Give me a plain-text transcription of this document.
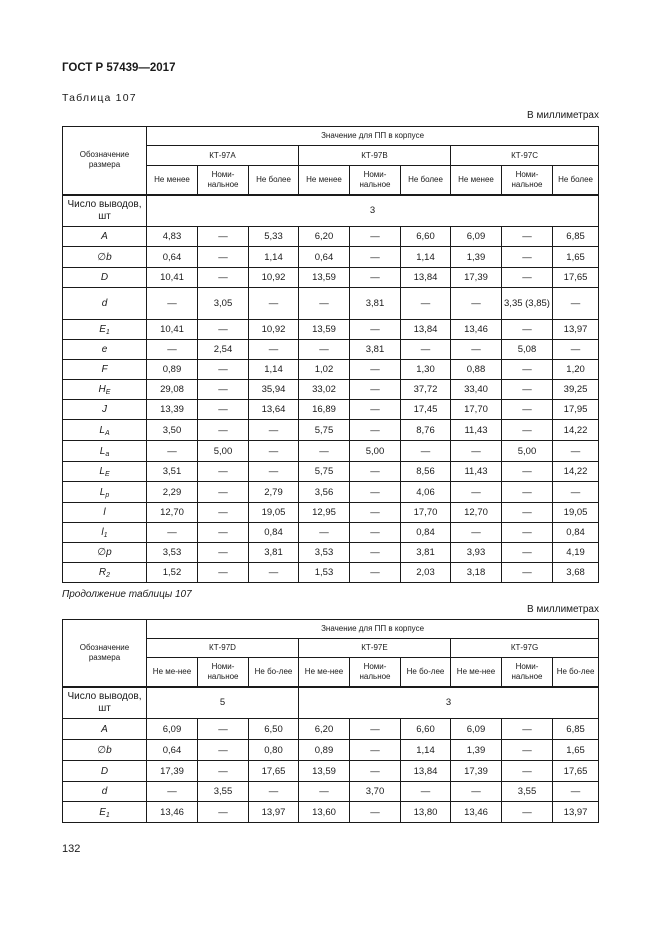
ГОСТ Р 57439—2017
Таблица 107
В миллиметрах
Обозначение размера	Значение для ПП в корпусе								
	КТ-97А			КТ-97В			КТ-97С		
	Не менее	Номи-нальное	Не более	Не менее	Номи-нальное	Не более	Не менее	Номи-нальное	Не более
Число выводов, шт	3								
A	4,83	—	5,33	6,20	—	6,60	6,09	—	6,85
∅b	0,64	—	1,14	0,64	—	1,14	1,39	—	1,65
D	10,41	—	10,92	13,59	—	13,84	17,39	—	17,65
d	—	3,05	—	—	3,81	—	—	3,35 (3,85)	—
$E_1$	10,41	—	10,92	13,59	—	13,84	13,46	—	13,97
e	—	2,54	—	—	3,81	—	—	5,08	—
F	0,89	—	1,14	1,02	—	1,30	0,88	—	1,20
$H_E$	29,08	—	35,94	33,02	—	37,72	33,40	—	39,25
J	13,39	—	13,64	16,89	—	17,45	17,70	—	17,95
$L_A$	3,50	—	—	5,75	—	8,76	11,43	—	14,22
$L_a$	—	5,00	—	—	5,00	—	—	5,00	—
$L_E$	3,51	—	—	5,75	—	8,56	11,43	—	14,22
$L_p$	2,29	—	2,79	3,56	—	4,06	—	—	—
l	12,70	—	19,05	12,95	—	17,70	12,70	—	19,05
$l_1$	—	—	0,84	—	—	0,84	—	—	0,84
∅p	3,53	—	3,81	3,53	—	3,81	3,93	—	4,19
$R_2$	1,52	—	—	1,53	—	2,03	3,18	—	3,68
Продолжение таблицы 107
В миллиметрах
Обозначение размера	Значение для ПП в корпусе								
	КТ-97D			КТ-97Е			КТ-97G		
	Не ме-нее	Номи-нальное	Не бо-лее	Не ме-нее	Номи-нальное	Не бо-лее	Не ме-нее	Номи-нальное	Не бо-лее
Число выводов, шт	5			3					
A	6,09	—	6,50	6,20	—	6,60	6,09	—	6,85
∅b	0,64	—	0,80	0,89	—	1,14	1,39	—	1,65
D	17,39	—	17,65	13,59	—	13,84	17,39	—	17,65
d	—	3,55	—	—	3,70	—	—	3,55	—
$E_1$	13,46	—	13,97	13,60	—	13,80	13,46	—	13,97
132
